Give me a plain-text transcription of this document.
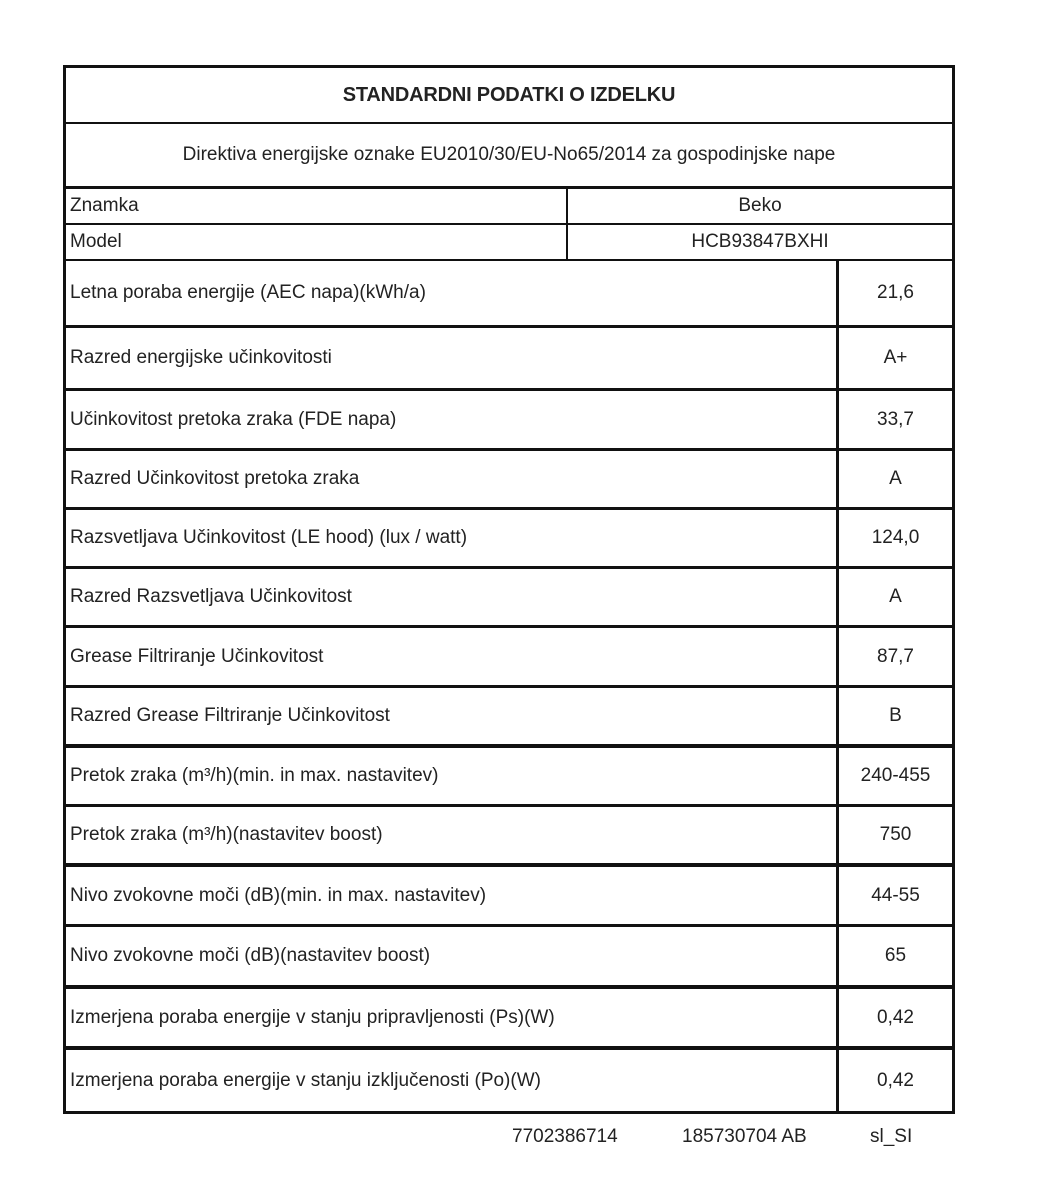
STANDARDNI PODATKI O IZDELKU
Direktiva energijske oznake EU2010/30/EU-No65/2014 za gospodinjske nape
Znamka	Beko
Model	HCB93847BXHI
Letna poraba energije (AEC napa)(kWh/a)	21,6
Razred energijske učinkovitosti	A+
Učinkovitost pretoka zraka (FDE napa)	33,7
Razred Učinkovitost pretoka zraka	A
Razsvetljava Učinkovitost (LE hood) (lux / watt)	124,0
Razred Razsvetljava Učinkovitost	A
Grease Filtriranje Učinkovitost	87,7
Razred Grease Filtriranje Učinkovitost	B
Pretok zraka (m³/h)(min. in max. nastavitev)	240-455
Pretok zraka (m³/h)(nastavitev boost)	750
Nivo zvokovne moči (dB)(min. in max. nastavitev)	44-55
Nivo zvokovne moči (dB)(nastavitev boost)	65
Izmerjena poraba energije v stanju pripravljenosti (Ps)(W)	0,42
Izmerjena poraba energije v stanju izključenosti (Po)(W)	0,42
7702386714	185730704 AB	sl_SI
